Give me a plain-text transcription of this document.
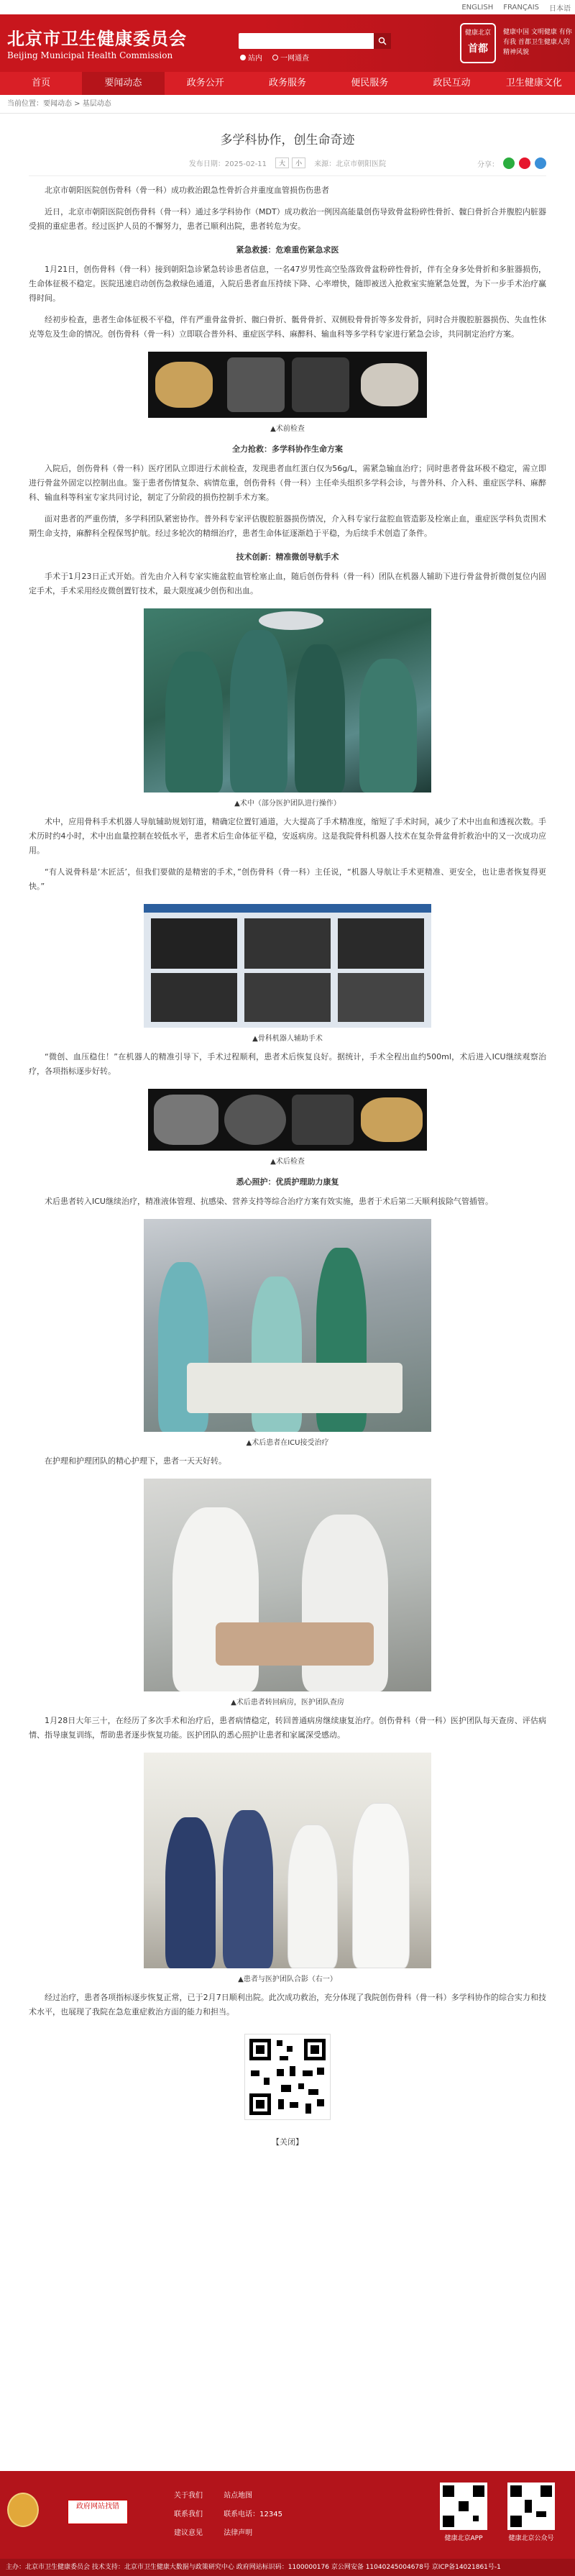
ENGLISH FRANÇAIS 日本语
北京市卫生健康委员会
Beijing Municipal Health Commission	站内	一网通查
健康北京
首都
健康中国 文明健康 有你有我 首都卫生健康人的精神风貌
首页	要闻动态	政务公开	政务服务	便民服务	政民互动	卫生健康文化
当前位置：要闻动态 > 基层动态
多学科协作，创生命奇迹
发布日期：2025-02-11	大	小	来源：北京市朝阳医院	分享：

北京市朝阳医院创伤骨科（骨一科）成功救治跟急性骨折合并重度血管损伤伤患者

近日，北京市朝阳医院创伤骨科（骨一科）通过多学科协作（MDT）成功救治一例因高能量创伤导致骨盆粉碎性骨折、髋臼骨折合并腹腔内脏器受损的重症患者。经过医护人员的不懈努力，患者已顺利出院，患者转危为安。

紧急救援：危难重伤紧急求医

1月21日，创伤骨科（骨一科）接到朝阳急诊紧急转诊患者信息，一名47岁男性高空坠落致骨盆粉碎性骨折，伴有全身多处骨折和多脏器损伤，生命体征极不稳定。医院迅速启动创伤急救绿色通道，入院后患者血压持续下降、心率增快，随即被送入抢救室实施紧急处置，为下一步手术治疗赢得时间。

经初步检查，患者生命体征极不平稳，伴有严重骨盆骨折、髋臼骨折、骶骨骨折、双侧股骨骨折等多发骨折，同时合并腹腔脏器损伤、失血性休克等危及生命的情况。创伤骨科（骨一科）立即联合普外科、重症医学科、麻醉科、输血科等多学科专家进行紧急会诊，共同制定治疗方案。

▲术前检查

全力抢救：多学科协作生命方案

入院后，创伤骨科（骨一科）医疗团队立即进行术前检查，发现患者血红蛋白仅为56g/L，需紧急输血治疗；同时患者骨盆环极不稳定，需立即进行骨盆外固定以控制出血。鉴于患者伤情复杂、病情危重，创伤骨科（骨一科）主任牵头组织多学科会诊，与普外科、介入科、重症医学科、麻醉科、输血科等科室专家共同讨论，制定了分阶段的损伤控制手术方案。

面对患者的严重伤情，多学科团队紧密协作。普外科专家评估腹腔脏器损伤情况，介入科专家行盆腔血管造影及栓塞止血，重症医学科负责围术期生命支持，麻醉科全程保驾护航。经过多轮次的精细治疗，患者生命体征逐渐趋于平稳，为后续手术创造了条件。

技术创新：精准微创导航手术

手术于1月23日正式开始。首先由介入科专家实施盆腔血管栓塞止血，随后创伤骨科（骨一科）团队在机器人辅助下进行骨盆骨折微创复位内固定手术，手术采用经皮微创置钉技术，最大限度减少创伤和出血。

▲术中（部分医护团队进行操作）

术中，应用骨科手术机器人导航辅助规划钉道，精确定位置钉通道，大大提高了手术精准度，缩短了手术时间，减少了术中出血和透视次数。手术历时约4小时，术中出血量控制在较低水平，患者术后生命体征平稳，安返病房。这是我院骨科机器人技术在复杂骨盆骨折救治中的又一次成功应用。

“有人说骨科是‘木匠活’，但我们要做的是精密的手术，”创伤骨科（骨一科）主任说，“机器人导航让手术更精准、更安全，也让患者恢复得更快。”

▲骨科机器人辅助手术

“微创、血压稳住！”在机器人的精准引导下，手术过程顺利，患者术后恢复良好。据统计，手术全程出血约500ml，术后进入ICU继续观察治疗，各项指标逐步好转。

▲术后检查

悉心照护：优质护理助力康复

术后患者转入ICU继续治疗，精准液体管理、抗感染、营养支持等综合治疗方案有效实施，患者于术后第二天顺利拔除气管插管。

▲术后患者在ICU接受治疗

在护理和护理团队的精心护理下，患者一天天好转。

▲术后患者转回病房，医护团队查房

1月28日大年三十，在经历了多次手术和治疗后，患者病情稳定，转回普通病房继续康复治疗。创伤骨科（骨一科）医护团队每天查房、评估病情、指导康复训练，帮助患者逐步恢复功能。医护团队的悉心照护让患者和家属深受感动。

▲患者与医护团队合影（右一）

经过治疗，患者各项指标逐步恢复正常，已于2月7日顺利出院。此次成功救治，充分体现了我院创伤骨科（骨一科）多学科协作的综合实力和技术水平，也展现了我院在急危重症救治方面的能力和担当。

【关闭】
政府网站找错
关于我们	站点地图
联系我们	联系电话：12345
建议意见	法律声明
健康北京APP	健康北京公众号
主办：北京市卫生健康委员会 技术支持：北京市卫生健康大数据与政策研究中心 政府网站标识码：1100000176 京公网安备 11040245004678号 京ICP备14021861号-1
